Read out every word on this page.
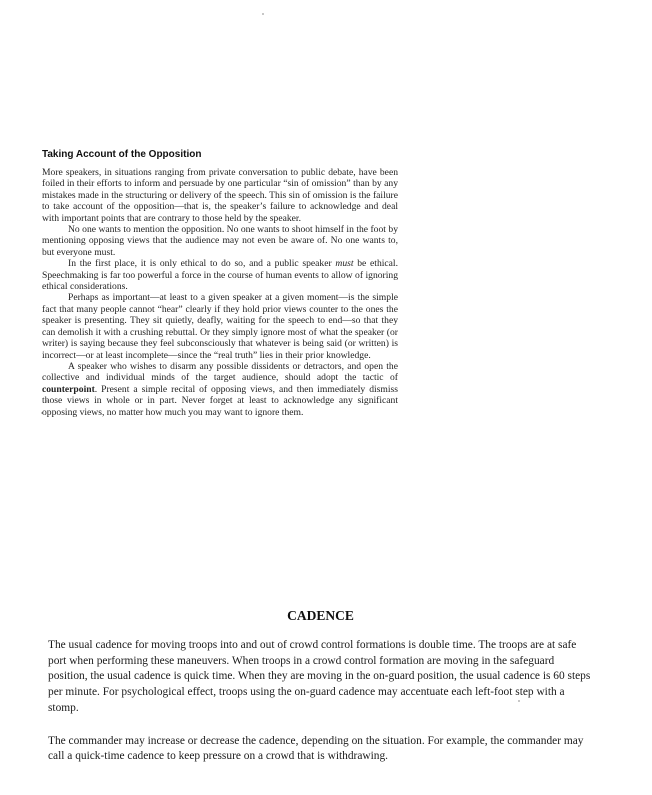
Taking Account of the Opposition

More speakers, in situations ranging from private conversation to public debate, have been foiled in their efforts to inform and persuade by one particular “sin of omission” than by any mistakes made in the structuring or delivery of the speech. This sin of omission is the failure to take account of the opposition—that is, the speaker’s failure to acknowledge and deal with important points that are contrary to those held by the speaker.

No one wants to mention the opposition. No one wants to shoot himself in the foot by mentioning opposing views that the audience may not even be aware of. No one wants to, but everyone must.

In the first place, it is only ethical to do so, and a public speaker must be ethical. Speechmaking is far too powerful a force in the course of human events to allow of ignoring ethical considerations.

Perhaps as important—at least to a given speaker at a given moment—is the simple fact that many people cannot “hear” clearly if they hold prior views counter to the ones the speaker is presenting. They sit quietly, deafly, waiting for the speech to end—so that they can demolish it with a crushing rebuttal. Or they simply ignore most of what the speaker (or writer) is saying because they feel subconsciously that whatever is being said (or written) is incorrect—or at least incomplete—since the “real truth” lies in their prior knowledge.

A speaker who wishes to disarm any possible dissidents or detractors, and open the collective and individual minds of the target audience, should adopt the tactic of counterpoint. Present a simple recital of opposing views, and then immediately dismiss those views in whole or in part. Never forget at least to acknowledge any significant opposing views, no matter how much you may want to ignore them.

CADENCE

The usual cadence for moving troops into and out of crowd control formations is double time. The troops are at safe port when performing these maneuvers. When troops in a crowd control formation are moving in the safeguard position, the usual cadence is quick time. When they are moving in the on-guard position, the usual cadence is 60 steps per minute. For psychological effect, troops using the on-guard cadence may accentuate each left-foot step with a stomp.

The commander may increase or decrease the cadence, depending on the situation. For example, the commander may call a quick-time cadence to keep pressure on a crowd that is withdrawing.
